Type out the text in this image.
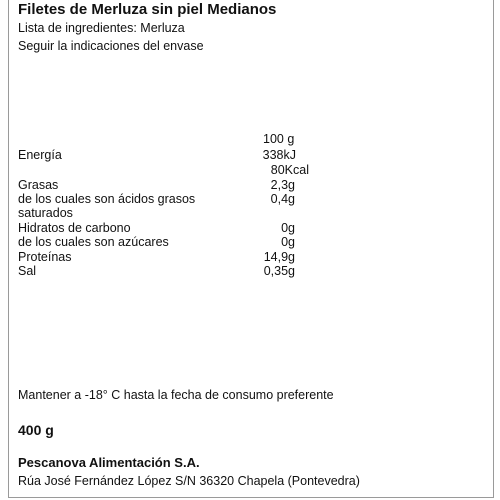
Filetes de Merluza sin piel Medianos
Lista de ingredientes: Merluza
Seguir la indicaciones del envase
100 g
Energía	338kJ
80Kcal
Grasas	2,3g
de los cuales son ácidos grasos	0,4g
saturados
Hidratos de carbono	0g
de los cuales son azúcares	0g
Proteínas	14,9g
Sal	0,35g
Mantener a -18° C hasta la fecha de consumo preferente
400 g
Pescanova Alimentación S.A.
Rúa José Fernández López S/N 36320 Chapela (Pontevedra)
